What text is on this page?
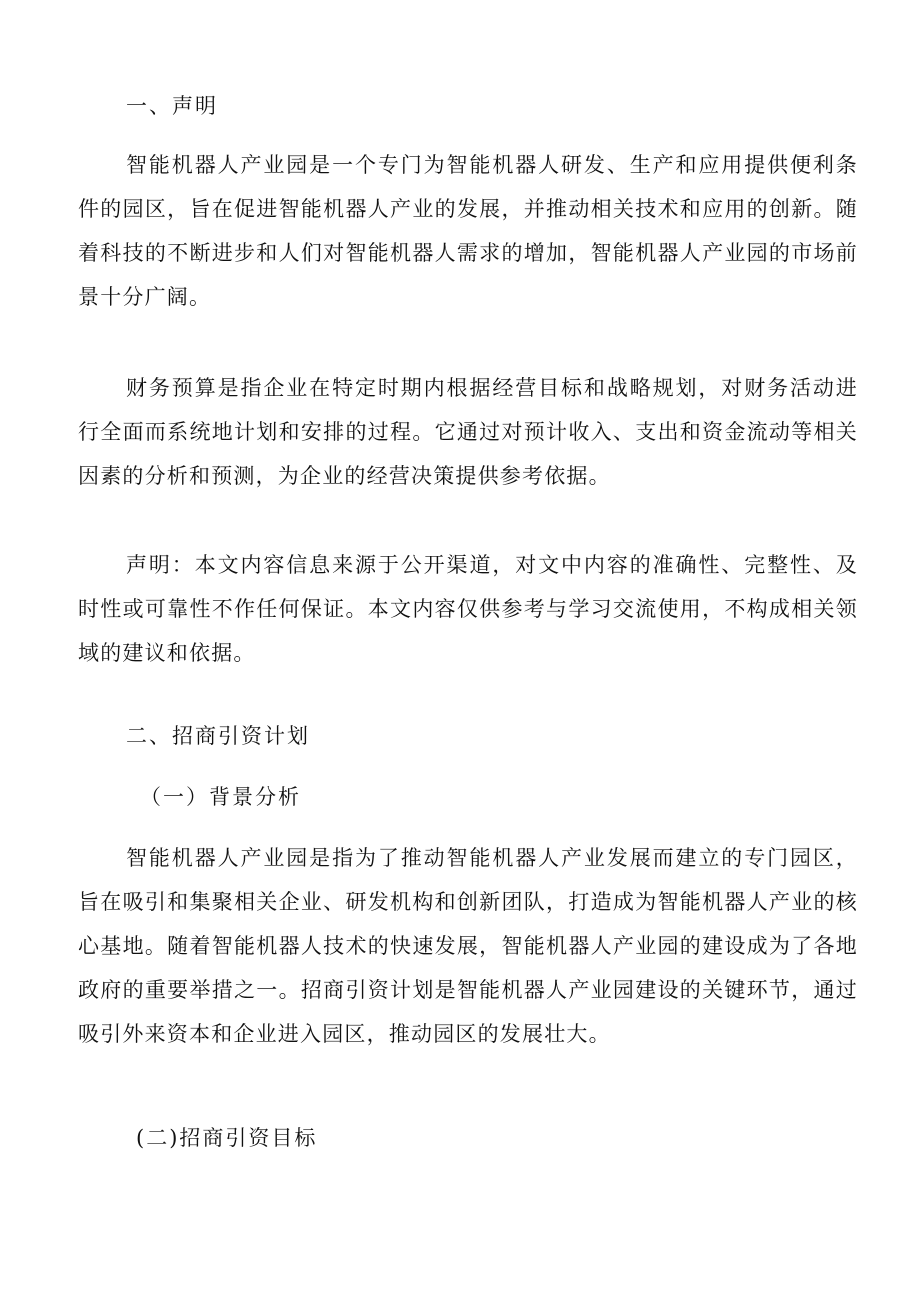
一、声明
智能机器人产业园是一个专门为智能机器人研发、生产和应用提供便利条件的园区，旨在促进智能机器人产业的发展，并推动相关技术和应用的创新。随着科技的不断进步和人们对智能机器人需求的增加，智能机器人产业园的市场前景十分广阔。
财务预算是指企业在特定时期内根据经营目标和战略规划，对财务活动进行全面而系统地计划和安排的过程。它通过对预计收入、支出和资金流动等相关因素的分析和预测，为企业的经营决策提供参考依据。
声明：本文内容信息来源于公开渠道，对文中内容的准确性、完整性、及时性或可靠性不作任何保证。本文内容仅供参考与学习交流使用，不构成相关领域的建议和依据。
二、招商引资计划
（一）背景分析
智能机器人产业园是指为了推动智能机器人产业发展而建立的专门园区，旨在吸引和集聚相关企业、研发机构和创新团队，打造成为智能机器人产业的核心基地。随着智能机器人技术的快速发展，智能机器人产业园的建设成为了各地政府的重要举措之一。招商引资计划是智能机器人产业园建设的关键环节，通过吸引外来资本和企业进入园区，推动园区的发展壮大。
(二)招商引资目标
